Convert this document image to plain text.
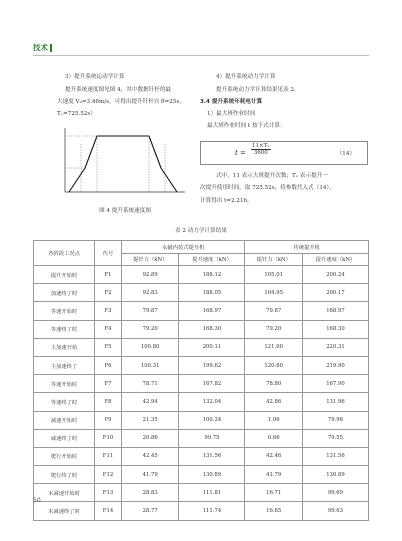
技术
3）提升系统运动学计算
提升系统速度图见图 4，其中数据钎杆的最
大速度 V₀=3.46m/s，可得出提升钎杆自 θ=25s，
Tₓ=725.52s）
图 4 提升系统速度图
4）提升系统动力学计算
提升系统动力学计算结果见表 2.
3.4 提升系统年耗电计算
1）最大班作业时间
最大班作业时间 t 按下式计算：
$t = \frac{\text{11×Tₓ}}{3600}$	（14）
式中，11 表示大班提升次数；Tₓ 表示提升一
次提升使用时间，取 725.52s，将参数代入式（14），
计算得出 t=2.21h。
表 2 动力学计算结果
各阶段工况点	代号	永磁内装式提升机		传统提升机	
		提钎力（kN）	提升速度（kN）	提钎力（kN）	提升速度（kN）
提升开始时	F1	92.89	188.12	105.01	200.24
加速终了时	F2	92.83	188.05	104.95	200.17
等速开始时	F3	79.87	168.97	79.87	168.97
等速终了时	F4	79.20	168.30	79.20	168.30
主加速开始	F5	100.80	200.11	121.00	220.31
主加速终了	F6	100.31	199.62	120.60	219.90
等速开始时	F7	78.71	167.82	78.80	167.90
等速终了时	F8	42.94	132.04	42.86	131.96
减速开始时	F9	21.35	100.24	1.06	79.96
减速终了时	F10	20.86	99.75	0.66	79.55
爬行开始时	F11	42.45	131.56	42.46	131.56
爬行终了时	F12	41.79	130.89	41.79	130.89
末减速开始时	F13	28.83	111.81	16.71	99.69
末减速终了时	F14	28.77	111.74	16.65	99.63
50
